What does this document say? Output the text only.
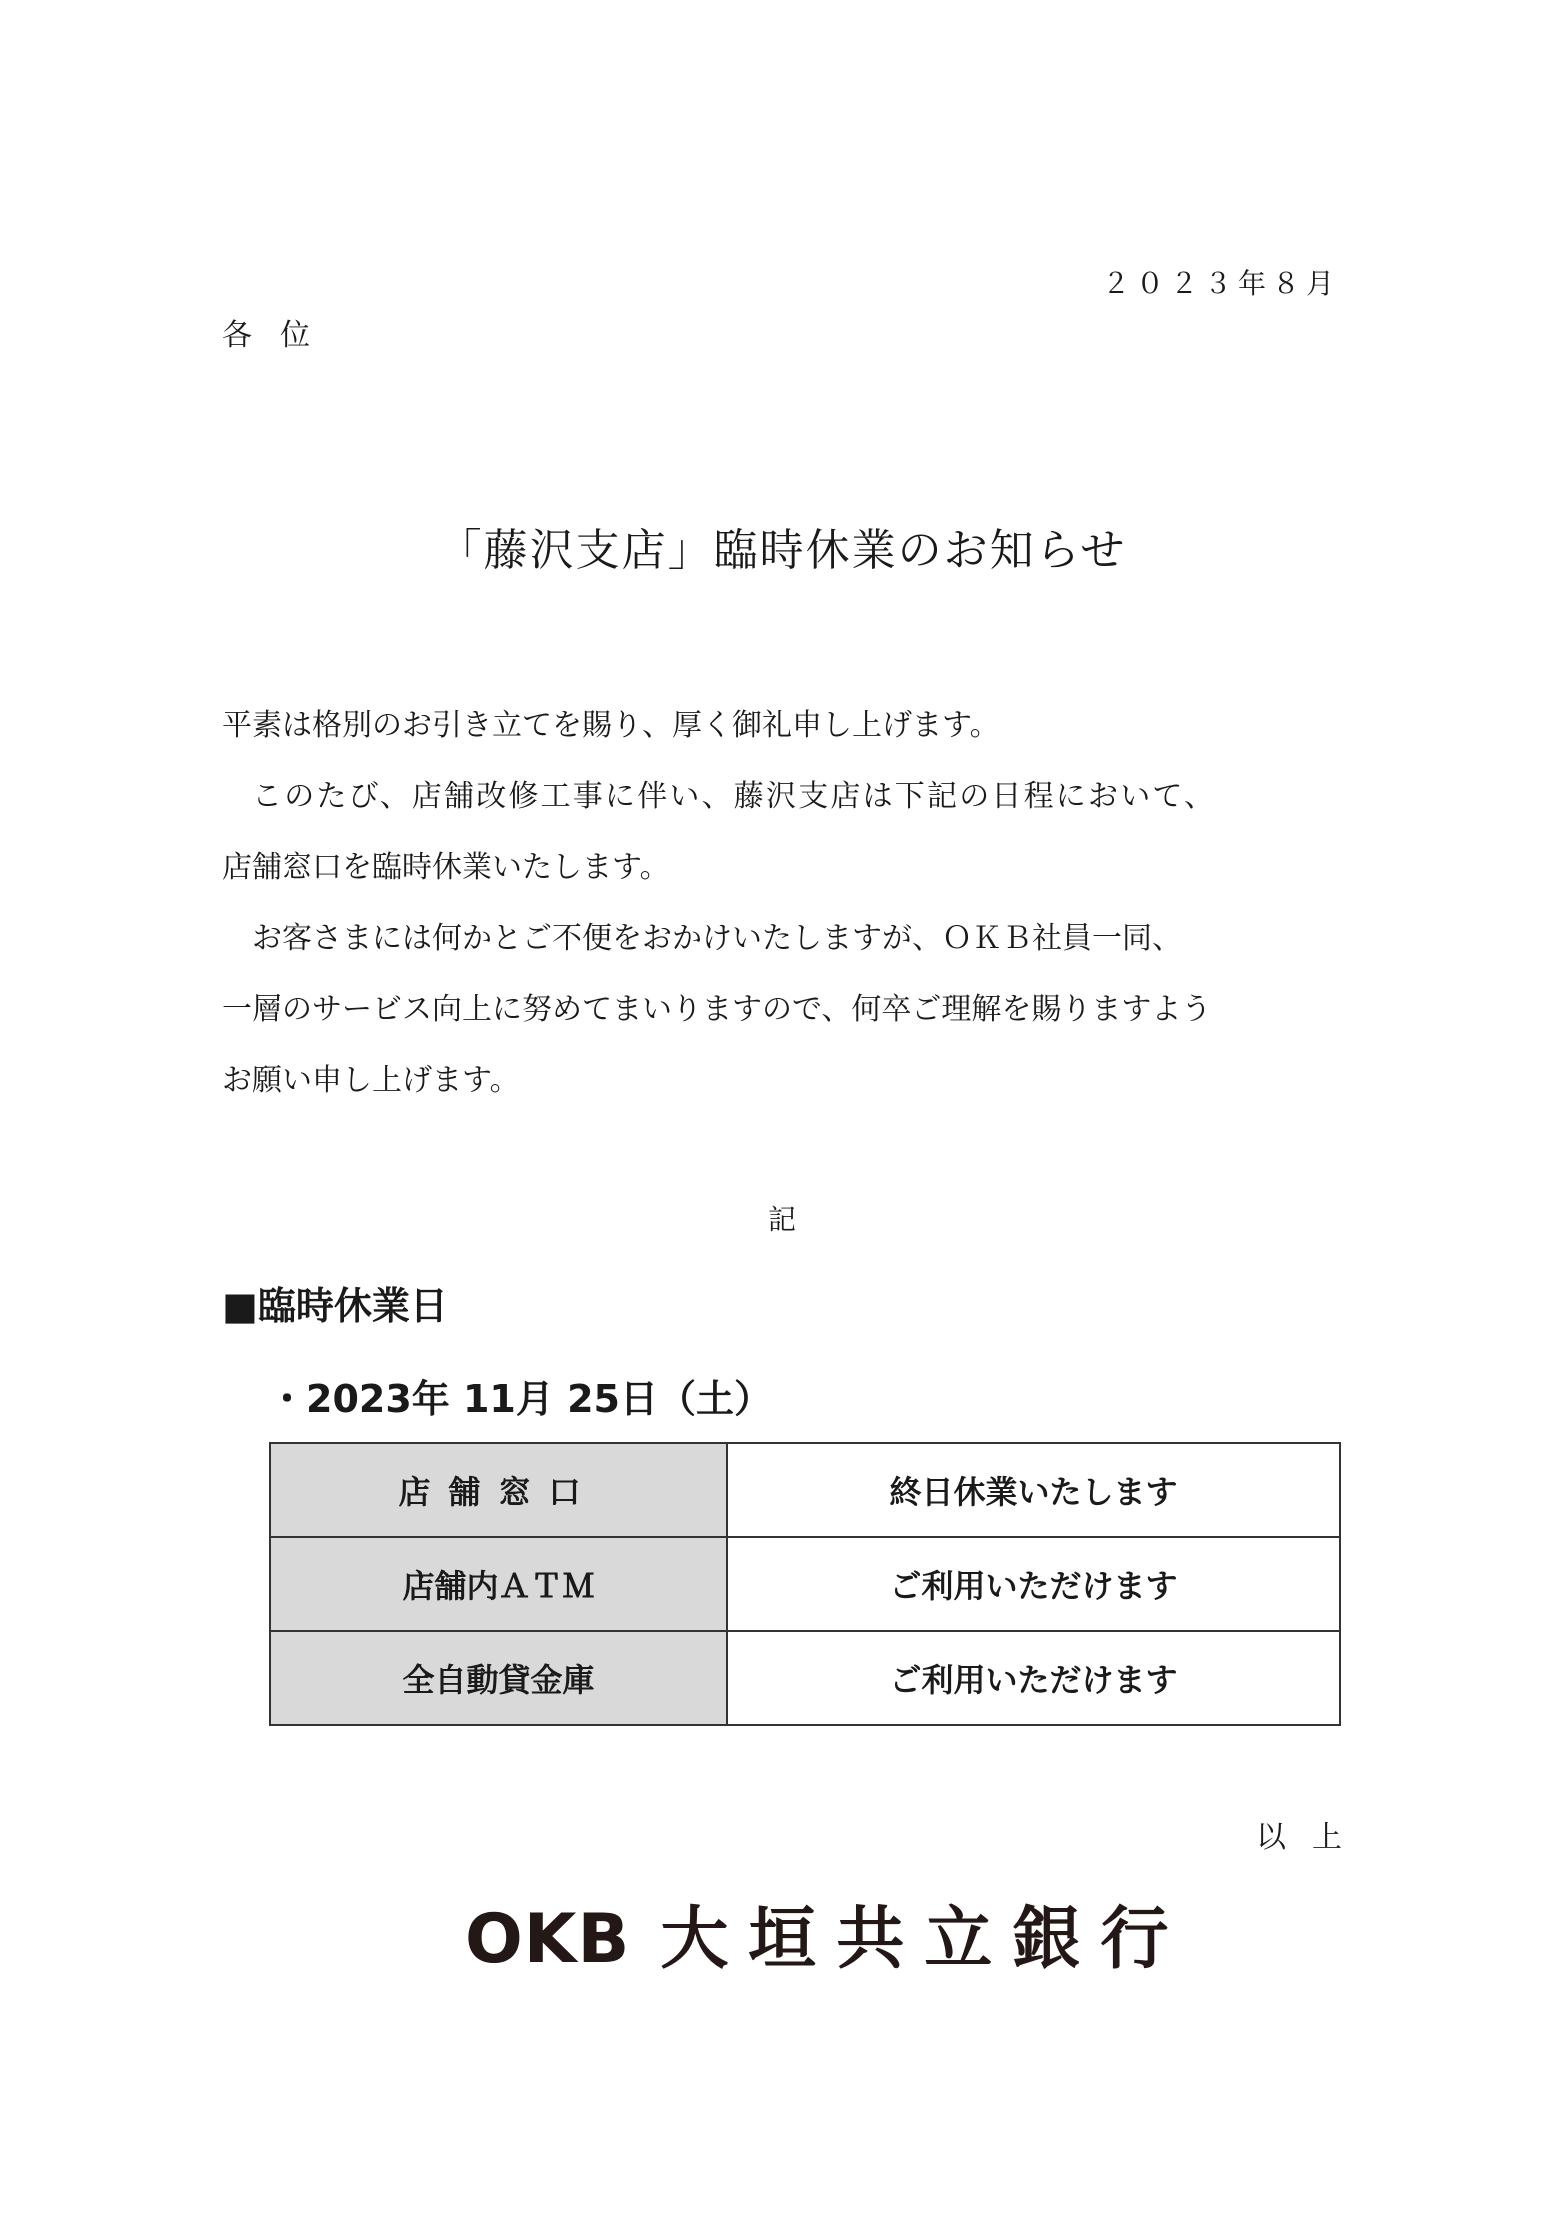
２０２３年８月
各位
「藤沢支店」臨時休業のお知らせ

平素は格別のお引き立てを賜り、厚く御礼申し上げます。

このたび、店舗改修工事に伴い、藤沢支店は下記の日程において、

店舗窓口を臨時休業いたします。

お客さまには何かとご不便をおかけいたしますが、ＯＫＢ社員一同、

一層のサービス向上に努めてまいりますので、何卒ご理解を賜りますよう

お願い申し上げます。

記
■臨時休業日
・2023年 11月 25日（土）
店舗窓口	終日休業いたします
店舗内ＡＴＭ	ご利用いただけます
全自動貸金庫	ご利用いただけます
以上
OKB 大垣共立銀行
